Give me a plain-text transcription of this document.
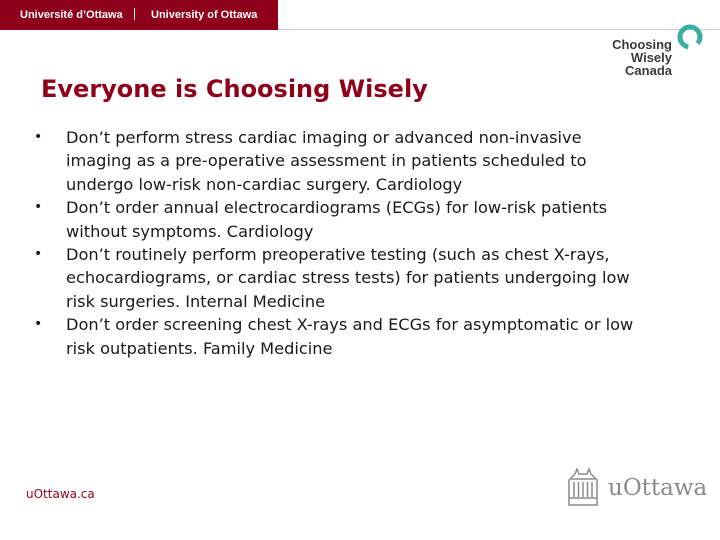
Université d’Ottawa	University of Ottawa
Choosing
Wisely
Canada
Everyone is Choosing Wisely
• Don’t perform stress cardiac imaging or advanced non-invasive imaging as a pre-operative assessment in patients scheduled to undergo low-risk non-cardiac surgery. Cardiology
• Don’t order annual electrocardiograms (ECGs) for low-risk patients without symptoms. Cardiology
• Don’t routinely perform preoperative testing (such as chest X-rays, echocardiograms, or cardiac stress tests) for patients undergoing low risk surgeries. Internal Medicine
• Don’t order screening chest X-rays and ECGs for asymptomatic or low risk outpatients. Family Medicine
uOttawa.ca	uOttawa
